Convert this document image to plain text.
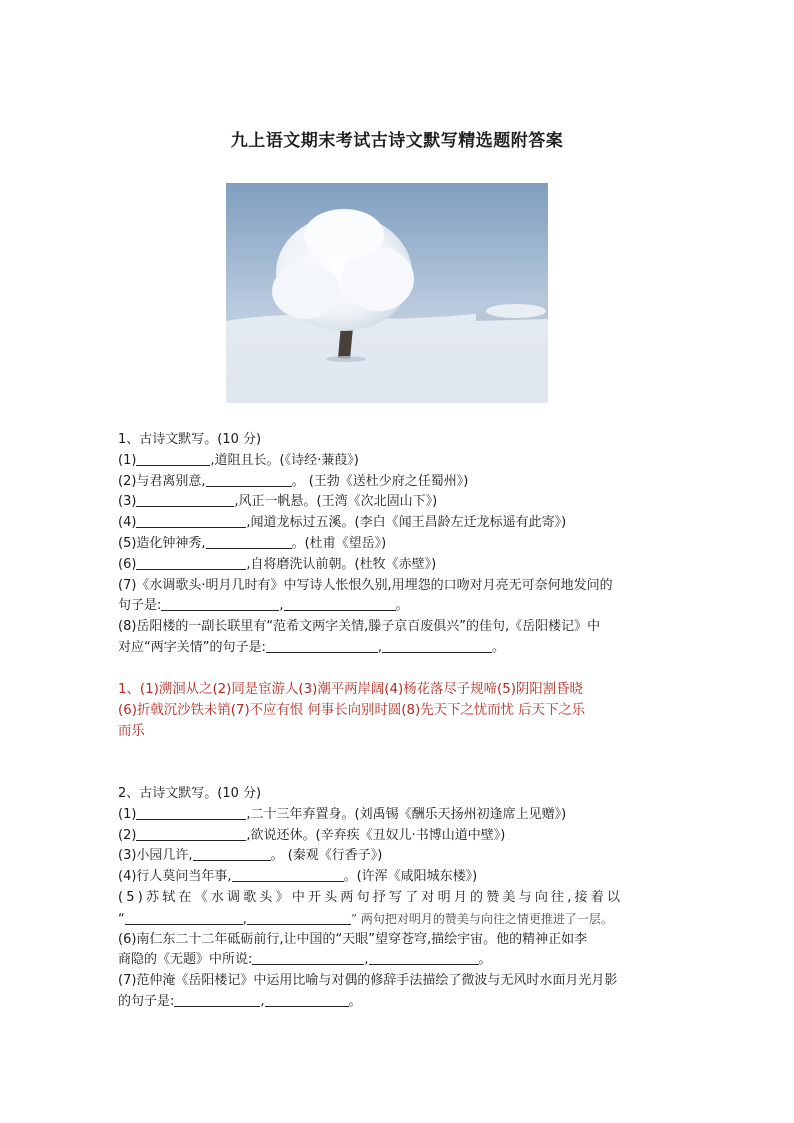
九上语文期末考试古诗文默写精选题附答案
1、古诗文默写。(10 分)
(1)	,道阻且长。(《诗经·蒹葭》)
(2)与君离别意,	。 (王勃《送杜少府之任蜀州》)
(3)	,风正一帆悬。(王湾《次北固山下》)
(4)	,闻道龙标过五溪。(李白《闻王昌龄左迁龙标遥有此寄》)
(5)造化钟神秀,	。(杜甫《望岳》)
(6)	,自将磨洗认前朝。(杜牧《赤壁》)
(7)《水调歌头·明月几时有》中写诗人怅恨久别,用埋怨的口吻对月亮无可奈何地发问的
句子是:	,	。
(8)岳阳楼的一副长联里有“范希文两字关情,滕子京百废俱兴”的佳句,《岳阳楼记》中
对应“两字关情”的句子是:	,	。
1、(1)溯洄从之(2)同是宦游人(3)潮平两岸阔(4)杨花落尽子规啼(5)阴阳割昏晓
(6)折戟沉沙铁未销(7)不应有恨 何事长向别时圆(8)先天下之忧而忧 后天下之乐
而乐
2、古诗文默写。(10 分)
(1)	,二十三年弃置身。(刘禹锡《酬乐天扬州初逢席上见赠》)
(2)	,欲说还休。(辛弃疾《丑奴儿·书博山道中壁》)
(3)小园几许,	。 (秦观《行香子》)
(4)行人莫问当年事,	。(许浑《咸阳城东楼》)
(5)苏轼在《水调歌头》中开头两句抒写了对明月的赞美与向往,接着以
“	,	” 两句把对明月的赞美与向往之情更推进了一层。
(6)南仁东二十二年砥砺前行,让中国的“天眼”望穿苍穹,描绘宇宙。他的精神正如李
商隐的《无题》中所说:	,	。
(7)范仲淹《岳阳楼记》中运用比喻与对偶的修辞手法描绘了微波与无风时水面月光月影
的句子是:	,	。
